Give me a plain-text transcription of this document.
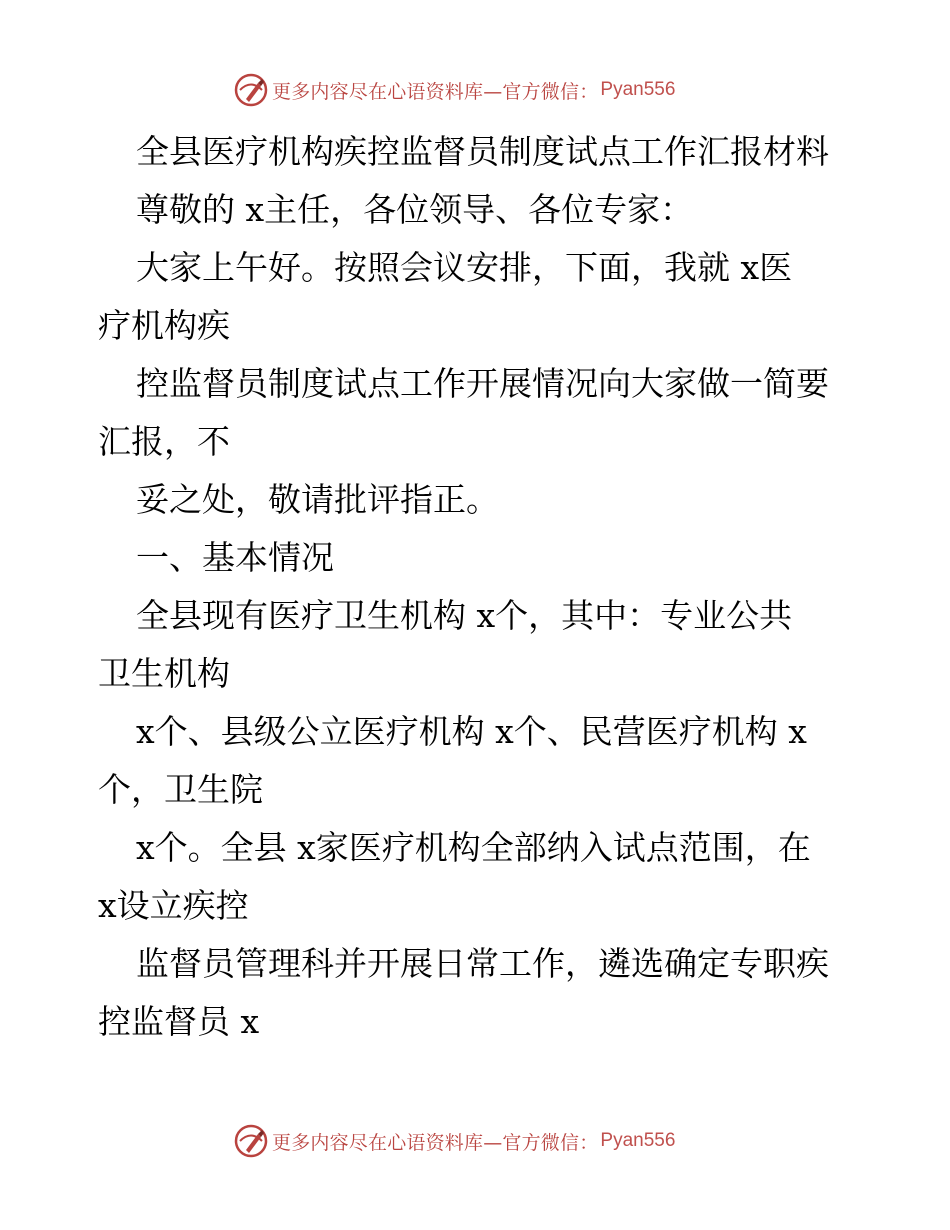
更多内容尽在心语资料库—官方微信： Pyan556
全县医疗机构疾控监督员制度试点工作汇报材料
尊敬的 x主任，各位领导、各位专家：
大家上午好。按照会议安排，下面，我就 x医
疗机构疾
控监督员制度试点工作开展情况向大家做一简要
汇报，不
妥之处，敬请批评指正。
一、基本情况
全县现有医疗卫生机构 x个，其中：专业公共
卫生机构
x个、县级公立医疗机构 x个、民营医疗机构 x
个，卫生院
x个。全县 x家医疗机构全部纳入试点范围，在
x设立疾控
监督员管理科并开展日常工作，遴选确定专职疾
控监督员 x
更多内容尽在心语资料库—官方微信： Pyan556
